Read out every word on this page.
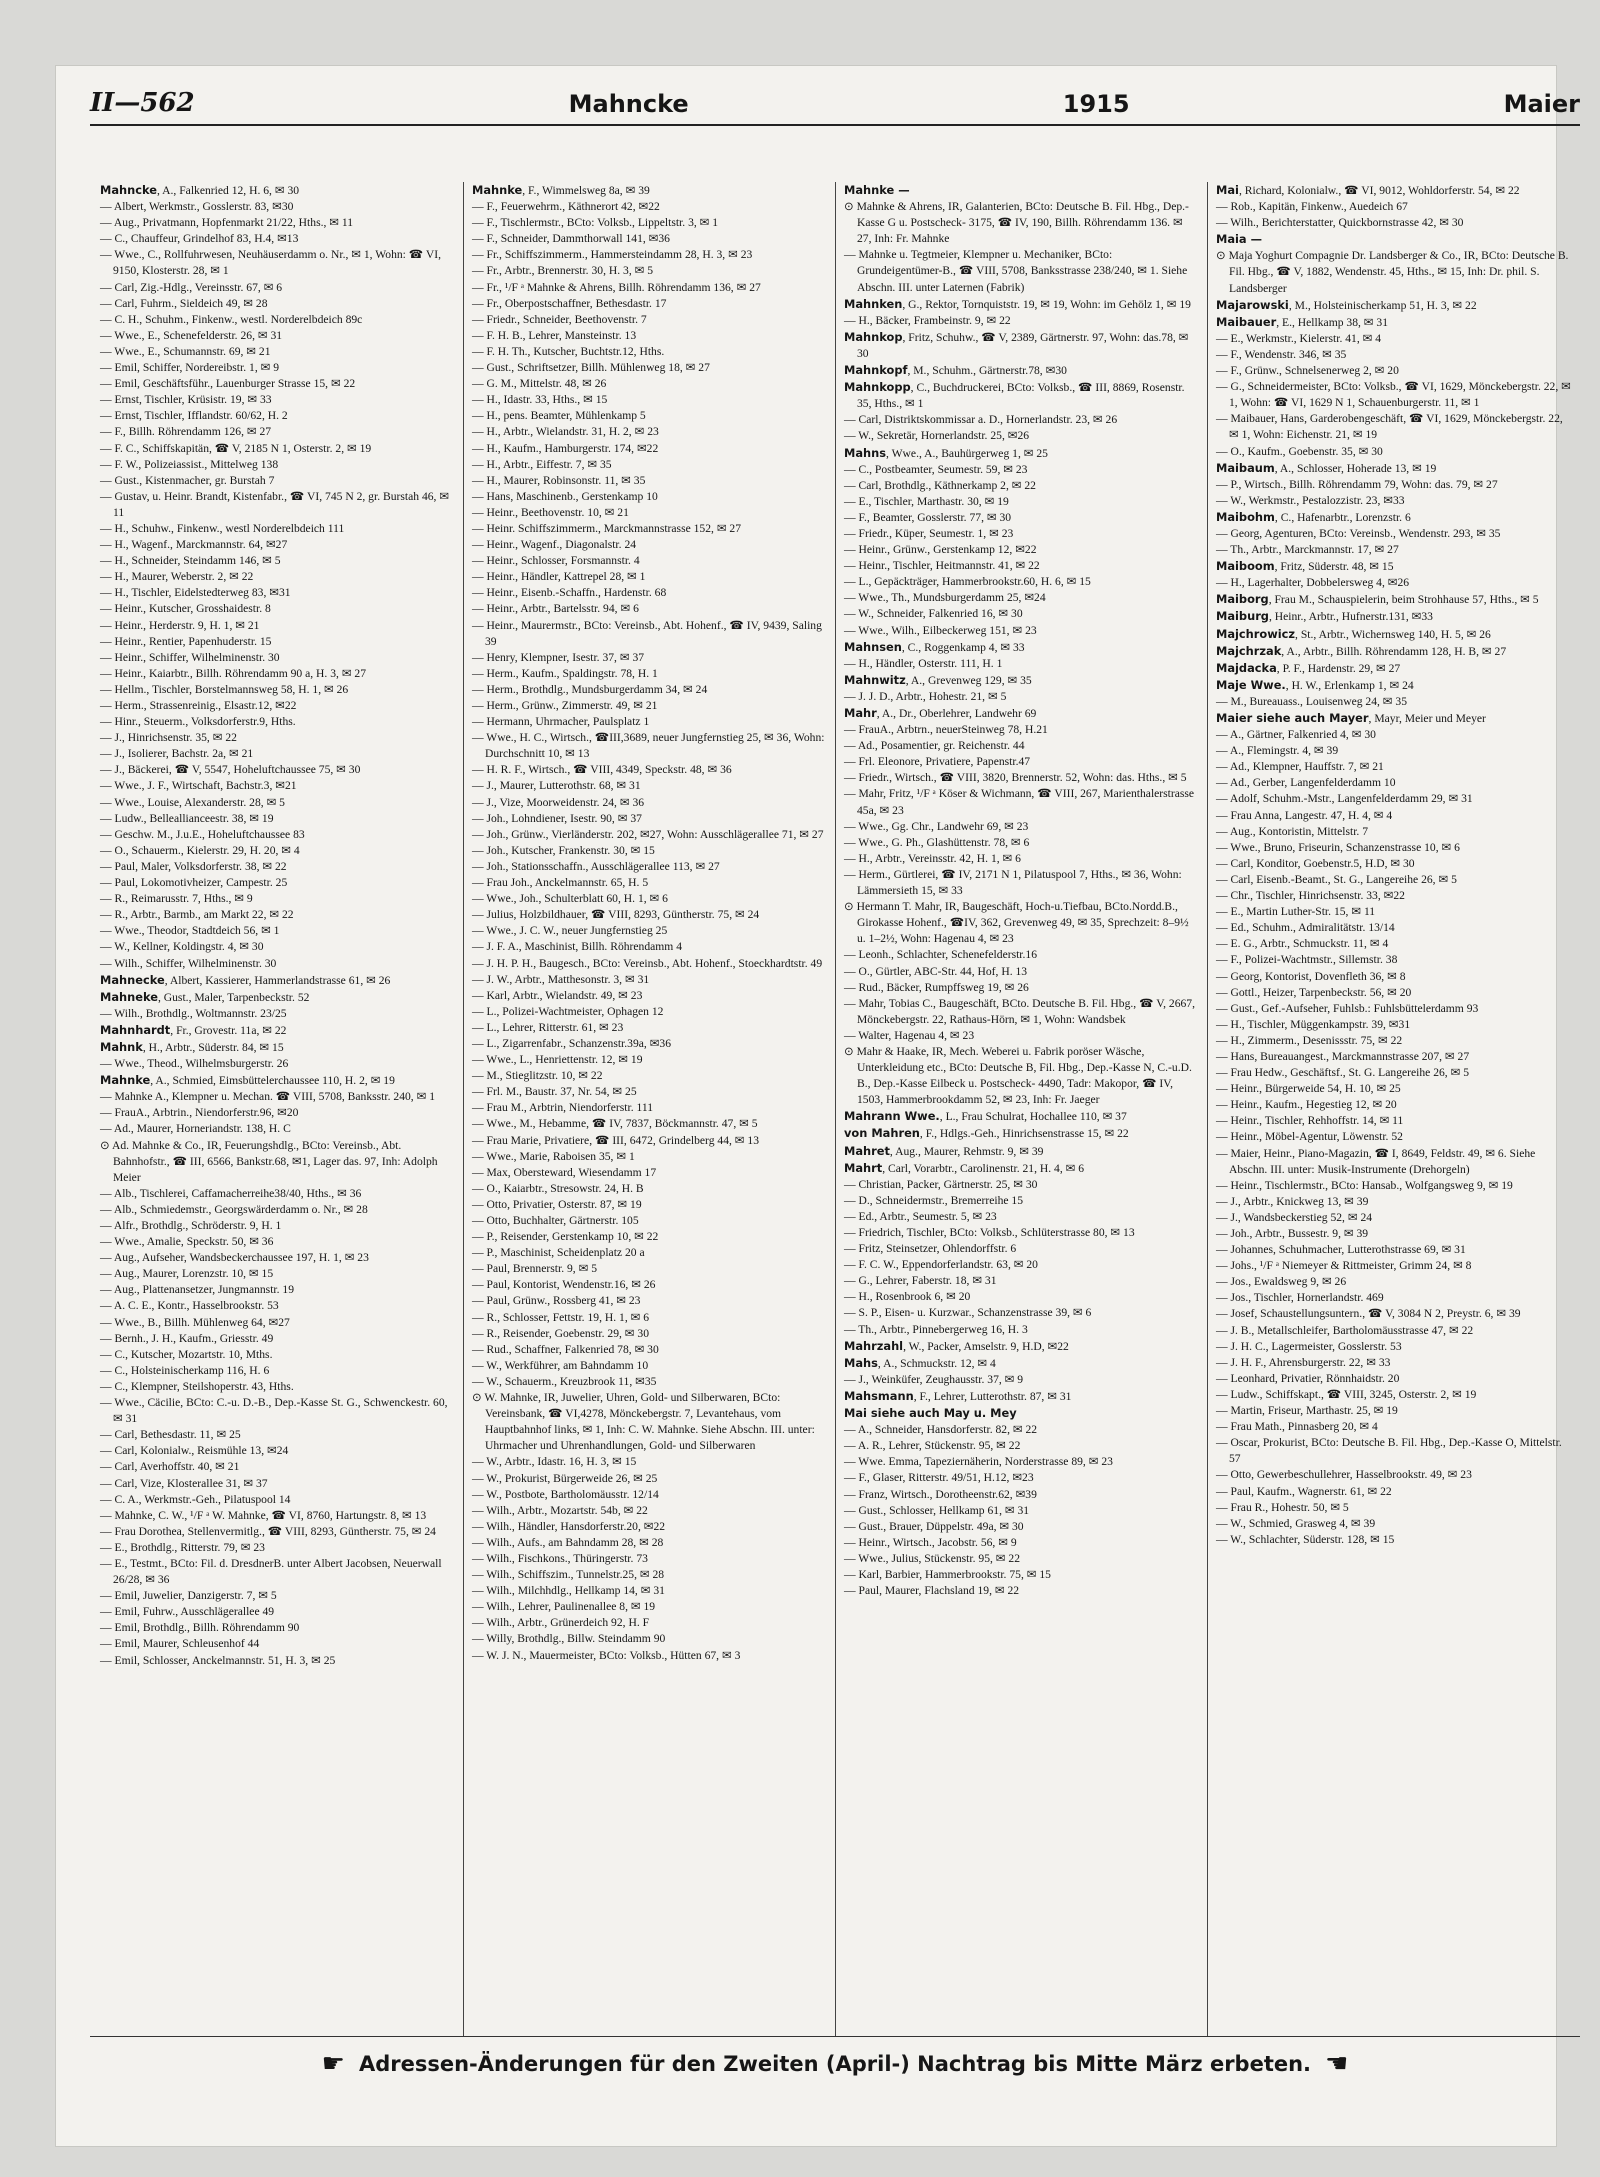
II—562	Mahncke	1915	Maier

Mahncke, A., Falkenried 12, H. 6, ✉ 30

— Albert, Werkmstr., Gosslerstr. 83, ✉30

— Aug., Privatmann, Hopfenmarkt 21/22, Hths., ✉ 11

— C., Chauffeur, Grindelhof 83, H.4, ✉13

— Wwe., C., Rollfuhrwesen, Neuhäuserdamm o. Nr., ✉ 1, Wohn: ☎ VI, 9150, Klosterstr. 28, ✉ 1

— Carl, Zig.-Hdlg., Vereinsstr. 67, ✉ 6

— Carl, Fuhrm., Sieldeich 49, ✉ 28

— C. H., Schuhm., Finkenw., westl. Norderelbdeich 89c

— Wwe., E., Schenefelderstr. 26, ✉ 31

— Wwe., E., Schumannstr. 69, ✉ 21

— Emil, Schiffer, Nordereibstr. 1, ✉ 9

— Emil, Geschäftsführ., Lauenburger Strasse 15, ✉ 22

— Ernst, Tischler, Krüsistr. 19, ✉ 33

— Ernst, Tischler, Ifflandstr. 60/62, H. 2

— F., Billh. Röhrendamm 126, ✉ 27

— F. C., Schiffskapitän, ☎ V, 2185 N 1, Osterstr. 2, ✉ 19

— F. W., Polizeiassist., Mittelweg 138

— Gust., Kistenmacher, gr. Burstah 7

— Gustav, u. Heinr. Brandt, Kistenfabr., ☎ VI, 745 N 2, gr. Burstah 46, ✉11

— H., Schuhw., Finkenw., westl Norderelbdeich 111

— H., Wagenf., Marckmannstr. 64, ✉27

— H., Schneider, Steindamm 146, ✉ 5

— H., Maurer, Weberstr. 2, ✉ 22

— H., Tischler, Eidelstedterweg 83, ✉31

— Heinr., Kutscher, Grosshaidestr. 8

— Heinr., Herderstr. 9, H. 1, ✉ 21

— Heinr., Rentier, Papenhuderstr. 15

— Heinr., Schiffer, Wilhelminenstr. 30

— Heinr., Kaiarbtr., Billh. Röhrendamm 90 a, H. 3, ✉ 27

— Hellm., Tischler, Borstelmannsweg 58, H. 1, ✉ 26

— Herm., Strassenreinig., Elsastr.12, ✉22

— Hinr., Steuerm., Volksdorferstr.9, Hths.

— J., Hinrichsenstr. 35, ✉ 22

— J., Isolierer, Bachstr. 2a, ✉ 21

— J., Bäckerei, ☎ V, 5547, Hoheluftchaussee 75, ✉ 30

— Wwe., J. F., Wirtschaft, Bachstr.3, ✉21

— Wwe., Louise, Alexanderstr. 28, ✉ 5

— Ludw., Belleallianceestr. 38, ✉ 19

— Geschw. M., J.u.E., Hoheluftchaussee 83

— O., Schauerm., Kielerstr. 29, H. 20, ✉ 4

— Paul, Maler, Volksdorferstr. 38, ✉ 22

— Paul, Lokomotivheizer, Campestr. 25

— R., Reimarusstr. 7, Hths., ✉ 9

— R., Arbtr., Barmb., am Markt 22, ✉ 22

— Wwe., Theodor, Stadtdeich 56, ✉ 1

— W., Kellner, Koldingstr. 4, ✉ 30

— Wilh., Schiffer, Wilhelminenstr. 30

Mahnecke, Albert, Kassierer, Hammerlandstrasse 61, ✉ 26

Mahneke, Gust., Maler, Tarpenbeckstr. 52

— Wilh., Brothdlg., Woltmannstr. 23/25

Mahnhardt, Fr., Grovestr. 11a, ✉ 22

Mahnk, H., Arbtr., Süderstr. 84, ✉ 15

— Wwe., Theod., Wilhelmsburgerstr. 26

Mahnke, A., Schmied, Eimsbüttelerchaussee 110, H. 2, ✉ 19

— Mahnke A., Klempner u. Mechan. ☎ VIII, 5708, Banksstr. 240, ✉ 1

— FrauA., Arbtrin., Niendorferstr.96, ✉20

— Ad., Maurer, Horneriandstr. 138, H. C

⊙ Ad. Mahnke & Co., IR, Feuerungshdlg., BCto: Vereinsb., Abt. Bahnhofstr., ☎ III, 6566, Bankstr.68, ✉1, Lager das. 97, Inh: Adolph Meier

— Alb., Tischlerei, Caffamacherreihe38/40, Hths., ✉ 36

— Alb., Schmiedemstr., Georgswärderdamm o. Nr., ✉ 28

— Alfr., Brothdlg., Schröderstr. 9, H. 1

— Wwe., Amalie, Speckstr. 50, ✉ 36

— Aug., Aufseher, Wandsbeckerchaussee 197, H. 1, ✉ 23

— Aug., Maurer, Lorenzstr. 10, ✉ 15

— Aug., Plattenansetzer, Jungmannstr. 19

— A. C. E., Kontr., Hasselbrookstr. 53

— Wwe., B., Billh. Mühlenweg 64, ✉27

— Bernh., J. H., Kaufm., Griesstr. 49

— C., Kutscher, Mozartstr. 10, Mths.

— C., Holsteinischerkamp 116, H. 6

— C., Klempner, Steilshoperstr. 43, Hths.

— Wwe., Cäcilie, BCto: C.-u. D.-B., Dep.-Kasse St. G., Schwenckestr. 60, ✉ 31

— Carl, Bethesdastr. 11, ✉ 25

— Carl, Kolonialw., Reismühle 13, ✉24

— Carl, Averhoffstr. 40, ✉ 21

— Carl, Vize, Klosterallee 31, ✉ 37

— C. A., Werkmstr.-Geh., Pilatuspool 14

— Mahnke, C. W., ¹/F ᵃ W. Mahnke, ☎ VI, 8760, Hartungstr. 8, ✉ 13

— Frau Dorothea, Stellenvermitlg., ☎ VIII, 8293, Güntherstr. 75, ✉ 24

— E., Brothdlg., Ritterstr. 79, ✉ 23

— E., Testmt., BCto: Fil. d. DresdnerB. unter Albert Jacobsen, Neuerwall 26/28, ✉ 36

— Emil, Juwelier, Danzigerstr. 7, ✉ 5

— Emil, Fuhrw., Ausschlägerallee 49

— Emil, Brothdlg., Billh. Röhrendamm 90

— Emil, Maurer, Schleusenhof 44

— Emil, Schlosser, Anckelmannstr. 51, H. 3, ✉ 25

Mahnke, F., Wimmelsweg 8a, ✉ 39

— F., Feuerwehrm., Käthnerort 42, ✉22

— F., Tischlermstr., BCto: Volksb., Lippeltstr. 3, ✉ 1

— F., Schneider, Dammthorwall 141, ✉36

— Fr., Schiffszimmerm., Hammersteindamm 28, H. 3, ✉ 23

— Fr., Arbtr., Brennerstr. 30, H. 3, ✉ 5

— Fr., ¹/F ᵃ Mahnke & Ahrens, Billh. Röhrendamm 136, ✉ 27

— Fr., Oberpostschaffner, Bethesdastr. 17

— Friedr., Schneider, Beethovenstr. 7

— F. H. B., Lehrer, Mansteinstr. 13

— F. H. Th., Kutscher, Buchtstr.12, Hths.

— Gust., Schriftsetzer, Billh. Mühlenweg 18, ✉ 27

— G. M., Mittelstr. 48, ✉ 26

— H., Idastr. 33, Hths., ✉ 15

— H., pens. Beamter, Mühlenkamp 5

— H., Arbtr., Wielandstr. 31, H. 2, ✉ 23

— H., Kaufm., Hamburgerstr. 174, ✉22

— H., Arbtr., Eiffestr. 7, ✉ 35

— H., Maurer, Robinsonstr. 11, ✉ 35

— Hans, Maschinenb., Gerstenkamp 10

— Heinr., Beethovenstr. 10, ✉ 21

— Heinr. Schiffszimmerm., Marckmannstrasse 152, ✉ 27

— Heinr., Wagenf., Diagonalstr. 24

— Heinr., Schlosser, Forsmannstr. 4

— Heinr., Händler, Kattrepel 28, ✉ 1

— Heinr., Eisenb.-Schaffn., Hardenstr. 68

— Heinr., Arbtr., Bartelsstr. 94, ✉ 6

— Heinr., Maurermstr., BCto: Vereinsb., Abt. Hohenf., ☎ IV, 9439, Saling 39

— Henry, Klempner, Isestr. 37, ✉ 37

— Herm., Kaufm., Spaldingstr. 78, H. 1

— Herm., Brothdlg., Mundsburgerdamm 34, ✉ 24

— Herm., Grünw., Zimmerstr. 49, ✉ 21

— Hermann, Uhrmacher, Paulsplatz 1

— Wwe., H. C., Wirtsch., ☎III,3689, neuer Jungfernstieg 25, ✉ 36, Wohn: Durchschnitt 10, ✉ 13

— H. R. F., Wirtsch., ☎ VIII, 4349, Speckstr. 48, ✉ 36

— J., Maurer, Lutterothstr. 68, ✉ 31

— J., Vize, Moorweidenstr. 24, ✉ 36

— Joh., Lohndiener, Isestr. 90, ✉ 37

— Joh., Grünw., Vierländerstr. 202, ✉27, Wohn: Ausschlägerallee 71, ✉ 27

— Joh., Kutscher, Frankenstr. 30, ✉ 15

— Joh., Stationsschaffn., Ausschlägerallee 113, ✉ 27

— Frau Joh., Anckelmannstr. 65, H. 5

— Wwe., Joh., Schulterblatt 60, H. 1, ✉ 6

— Julius, Holzbildhauer, ☎ VIII, 8293, Güntherstr. 75, ✉ 24

— Wwe., J. C. W., neuer Jungfernstieg 25

— J. F. A., Maschinist, Billh. Röhrendamm 4

— J. H. P. H., Baugesch., BCto: Vereinsb., Abt. Hohenf., Stoeckhardtstr. 49

— J. W., Arbtr., Matthesonstr. 3, ✉ 31

— Karl, Arbtr., Wielandstr. 49, ✉ 23

— L., Polizei-Wachtmeister, Ophagen 12

— L., Lehrer, Ritterstr. 61, ✉ 23

— L., Zigarrenfabr., Schanzenstr.39a, ✉36

— Wwe., L., Henriettenstr. 12, ✉ 19

— M., Stieglitzstr. 10, ✉ 22

— Frl. M., Baustr. 37, Nr. 54, ✉ 25

— Frau M., Arbtrin, Niendorferstr. 111

— Wwe., M., Hebamme, ☎ IV, 7837, Böckmannstr. 47, ✉ 5

— Frau Marie, Privatiere, ☎ III, 6472, Grindelberg 44, ✉ 13

— Wwe., Marie, Raboisen 35, ✉ 1

— Max, Obersteward, Wiesendamm 17

— O., Kaiarbtr., Stresowstr. 24, H. B

— Otto, Privatier, Osterstr. 87, ✉ 19

— Otto, Buchhalter, Gärtnerstr. 105

— P., Reisender, Gerstenkamp 10, ✉ 22

— P., Maschinist, Scheidenplatz 20 a

— Paul, Brennerstr. 9, ✉ 5

— Paul, Kontorist, Wendenstr.16, ✉ 26

— Paul, Grünw., Rossberg 41, ✉ 23

— R., Schlosser, Fettstr. 19, H. 1, ✉ 6

— R., Reisender, Goebenstr. 29, ✉ 30

— Rud., Schaffner, Falkenried 78, ✉ 30

— W., Werkführer, am Bahndamm 10

— W., Schauerm., Kreuzbrook 11, ✉35

⊙ W. Mahnke, IR, Juwelier, Uhren, Gold- und Silberwaren, BCto: Vereinsbank, ☎ VI,4278, Mönckebergstr. 7, Levantehaus, vom Hauptbahnhof links, ✉ 1, Inh: C. W. Mahnke. Siehe Abschn. III. unter: Uhrmacher und Uhrenhandlungen, Gold- und Silberwaren

— W., Arbtr., Idastr. 16, H. 3, ✉ 15

— W., Prokurist, Bürgerweide 26, ✉ 25

— W., Postbote, Bartholomäusstr. 12/14

— Wilh., Arbtr., Mozartstr. 54b, ✉ 22

— Wilh., Händler, Hansdorferstr.20, ✉22

— Wilh., Aufs., am Bahndamm 28, ✉ 28

— Wilh., Fischkons., Thüringerstr. 73

— Wilh., Schiffszim., Tunnelstr.25, ✉ 28

— Wilh., Milchhdlg., Hellkamp 14, ✉ 31

— Wilh., Lehrer, Paulinenallee 8, ✉ 19

— Wilh., Arbtr., Grünerdeich 92, H. F

— Willy, Brothdlg., Billw. Steindamm 90

— W. J. N., Mauermeister, BCto: Volksb., Hütten 67, ✉ 3

Mahnke —

⊙ Mahnke & Ahrens, IR, Galanterien, BCto: Deutsche B. Fil. Hbg., Dep.-Kasse G u. Postscheck- 3175, ☎ IV, 190, Billh. Röhrendamm 136. ✉ 27, Inh: Fr. Mahnke

— Mahnke u. Tegtmeier, Klempner u. Mechaniker, BCto: Grundeigentümer-B., ☎ VIII, 5708, Banksstrasse 238/240, ✉ 1. Siehe Abschn. III. unter Laternen (Fabrik)

Mahnken, G., Rektor, Tornquiststr. 19, ✉ 19, Wohn: im Gehölz 1, ✉ 19

— H., Bäcker, Frambeinstr. 9, ✉ 22

Mahnkop, Fritz, Schuhw., ☎ V, 2389, Gärtnerstr. 97, Wohn: das.78, ✉ 30

Mahnkopf, M., Schuhm., Gärtnerstr.78, ✉30

Mahnkopp, C., Buchdruckerei, BCto: Volksb., ☎ III, 8869, Rosenstr. 35, Hths., ✉ 1

— Carl, Distriktskommissar a. D., Hornerlandstr. 23, ✉ 26

— W., Sekretär, Hornerlandstr. 25, ✉26

Mahns, Wwe., A., Bauhürgerweg 1, ✉ 25

— C., Postbeamter, Seumestr. 59, ✉ 23

— Carl, Brothdlg., Käthnerkamp 2, ✉ 22

— E., Tischler, Marthastr. 30, ✉ 19

— F., Beamter, Gosslerstr. 77, ✉ 30

— Friedr., Küper, Seumestr. 1, ✉ 23

— Heinr., Grünw., Gerstenkamp 12, ✉22

— Heinr., Tischler, Heitmannstr. 41, ✉ 22

— L., Gepäckträger, Hammerbrookstr.60, H. 6, ✉ 15

— Wwe., Th., Mundsburgerdamm 25, ✉24

— W., Schneider, Falkenried 16, ✉ 30

— Wwe., Wilh., Eilbeckerweg 151, ✉ 23

Mahnsen, C., Roggenkamp 4, ✉ 33

— H., Händler, Osterstr. 111, H. 1

Mahnwitz, A., Grevenweg 129, ✉ 35

— J. J. D., Arbtr., Hohestr. 21, ✉ 5

Mahr, A., Dr., Oberlehrer, Landwehr 69

— FrauA., Arbtrn., neuerSteinweg 78, H.21

— Ad., Posamentier, gr. Reichenstr. 44

— Frl. Eleonore, Privatiere, Papenstr.47

— Friedr., Wirtsch., ☎ VIII, 3820, Brennerstr. 52, Wohn: das. Hths., ✉ 5

— Mahr, Fritz, ¹/F ᵃ Köser & Wichmann, ☎ VIII, 267, Marienthalerstrasse 45a, ✉ 23

— Wwe., Gg. Chr., Landwehr 69, ✉ 23

— Wwe., G. Ph., Glashüttenstr. 78, ✉ 6

— H., Arbtr., Vereinsstr. 42, H. 1, ✉ 6

— Herm., Gürtlerei, ☎ IV, 2171 N 1, Pilatuspool 7, Hths., ✉ 36, Wohn: Lämmersieth 15, ✉ 33

⊙ Hermann T. Mahr, IR, Baugeschäft, Hoch-u.Tiefbau, BCto.Nordd.B., Girokasse Hohenf., ☎IV, 362, Grevenweg 49, ✉ 35, Sprechzeit: 8–9½ u. 1–2½, Wohn: Hagenau 4, ✉ 23

— Leonh., Schlachter, Schenefelderstr.16

— O., Gürtler, ABC-Str. 44, Hof, H. 13

— Rud., Bäcker, Rumpffsweg 19, ✉ 26

— Mahr, Tobias C., Baugeschäft, BCto. Deutsche B. Fil. Hbg., ☎ V, 2667, Mönckebergstr. 22, Rathaus-Hörn, ✉ 1, Wohn: Wandsbek

— Walter, Hagenau 4, ✉ 23

⊙ Mahr & Haake, IR, Mech. Weberei u. Fabrik poröser Wäsche, Unterkleidung etc., BCto: Deutsche B, Fil. Hbg., Dep.-Kasse N, C.-u.D. B., Dep.-Kasse Eilbeck u. Postscheck- 4490, Tadr: Makopor, ☎ IV, 1503, Hammerbrookdamm 52, ✉ 23, Inh: Fr. Jaeger

Mahrann Wwe., L., Frau Schulrat, Hochallee 110, ✉ 37

von Mahren, F., Hdlgs.-Geh., Hinrichsenstrasse 15, ✉ 22

Mahret, Aug., Maurer, Rehmstr. 9, ✉ 39

Mahrt, Carl, Vorarbtr., Carolinenstr. 21, H. 4, ✉ 6

— Christian, Packer, Gärtnerstr. 25, ✉ 30

— D., Schneidermstr., Bremerreihe 15

— Ed., Arbtr., Seumestr. 5, ✉ 23

— Friedrich, Tischler, BCto: Volksb., Schlüterstrasse 80, ✉ 13

— Fritz, Steinsetzer, Ohlendorffstr. 6

— F. C. W., Eppendorferlandstr. 63, ✉ 20

— G., Lehrer, Faberstr. 18, ✉ 31

— H., Rosenbrook 6, ✉ 20

— S. P., Eisen- u. Kurzwar., Schanzenstrasse 39, ✉ 6

— Th., Arbtr., Pinnebergerweg 16, H. 3

Mahrzahl, W., Packer, Amselstr. 9, H.D, ✉22

Mahs, A., Schmuckstr. 12, ✉ 4

— J., Weinküfer, Zeughausstr. 37, ✉ 9

Mahsmann, F., Lehrer, Lutterothstr. 87, ✉ 31

Mai siehe auch May u. Mey

— A., Schneider, Hansdorferstr. 82, ✉ 22

— A. R., Lehrer, Stückenstr. 95, ✉ 22

— Wwe. Emma, Tapeziernäherin, Norderstrasse 89, ✉ 23

— F., Glaser, Ritterstr. 49/51, H.12, ✉23

— Franz, Wirtsch., Dorotheenstr.62, ✉39

— Gust., Schlosser, Hellkamp 61, ✉ 31

— Gust., Brauer, Düppelstr. 49a, ✉ 30

— Heinr., Wirtsch., Jacobstr. 56, ✉ 9

— Wwe., Julius, Stückenstr. 95, ✉ 22

— Karl, Barbier, Hammerbrookstr. 75, ✉ 15

— Paul, Maurer, Flachsland 19, ✉ 22

Mai, Richard, Kolonialw., ☎ VI, 9012, Wohldorferstr. 54, ✉ 22

— Rob., Kapitän, Finkenw., Auedeich 67

— Wilh., Berichterstatter, Quickbornstrasse 42, ✉ 30

Maia —

⊙ Maja Yoghurt Compagnie Dr. Landsberger & Co., IR, BCto: Deutsche B. Fil. Hbg., ☎ V, 1882, Wendenstr. 45, Hths., ✉ 15, Inh: Dr. phil. S. Landsberger

Majarowski, M., Holsteinischerkamp 51, H. 3, ✉ 22

Maibauer, E., Hellkamp 38, ✉ 31

— E., Werkmstr., Kielerstr. 41, ✉ 4

— F., Wendenstr. 346, ✉ 35

— F., Grünw., Schnelsenerweg 2, ✉ 20

— G., Schneidermeister, BCto: Volksb., ☎ VI, 1629, Mönckebergstr. 22, ✉ 1, Wohn: ☎ VI, 1629 N 1, Schauenburgerstr. 11, ✉ 1

— Maibauer, Hans, Garderobengeschäft, ☎ VI, 1629, Mönckebergstr. 22, ✉ 1, Wohn: Eichenstr. 21, ✉ 19

— O., Kaufm., Goebenstr. 35, ✉ 30

Maibaum, A., Schlosser, Hoherade 13, ✉ 19

— P., Wirtsch., Billh. Röhrendamm 79, Wohn: das. 79, ✉ 27

— W., Werkmstr., Pestalozzistr. 23, ✉33

Maibohm, C., Hafenarbtr., Lorenzstr. 6

— Georg, Agenturen, BCto: Vereinsb., Wendenstr. 293, ✉ 35

— Th., Arbtr., Marckmannstr. 17, ✉ 27

Maiboom, Fritz, Süderstr. 48, ✉ 15

— H., Lagerhalter, Dobbelersweg 4, ✉26

Maiborg, Frau M., Schauspielerin, beim Strohhause 57, Hths., ✉ 5

Maiburg, Heinr., Arbtr., Hufnerstr.131, ✉33

Majchrowicz, St., Arbtr., Wichernsweg 140, H. 5, ✉ 26

Majchrzak, A., Arbtr., Billh. Röhrendamm 128, H. B, ✉ 27

Majdacka, P. F., Hardenstr. 29, ✉ 27

Maje Wwe., H. W., Erlenkamp 1, ✉ 24

— M., Bureauass., Louisenweg 24, ✉ 35

Maier siehe auch Mayer, Mayr, Meier und Meyer

— A., Gärtner, Falkenried 4, ✉ 30

— A., Flemingstr. 4, ✉ 39

— Ad., Klempner, Hauffstr. 7, ✉ 21

— Ad., Gerber, Langenfelderdamm 10

— Adolf, Schuhm.-Mstr., Langenfelderdamm 29, ✉ 31

— Frau Anna, Langestr. 47, H. 4, ✉ 4

— Aug., Kontoristin, Mittelstr. 7

— Wwe., Bruno, Friseurin, Schanzenstrasse 10, ✉ 6

— Carl, Konditor, Goebenstr.5, H.D, ✉ 30

— Carl, Eisenb.-Beamt., St. G., Langereihe 26, ✉ 5

— Chr., Tischler, Hinrichsenstr. 33, ✉22

— E., Martin Luther-Str. 15, ✉ 11

— Ed., Schuhm., Admiralitätstr. 13/14

— E. G., Arbtr., Schmuckstr. 11, ✉ 4

— F., Polizei-Wachtmstr., Sillemstr. 38

— Georg, Kontorist, Dovenfleth 36, ✉ 8

— Gottl., Heizer, Tarpenbeckstr. 56, ✉ 20

— Gust., Gef.-Aufseher, Fuhlsb.: Fuhlsbüttelerdamm 93

— H., Tischler, Müggenkampstr. 39, ✉31

— H., Zimmerm., Desenissstr. 75, ✉ 22

— Hans, Bureauangest., Marckmannstrasse 207, ✉ 27

— Frau Hedw., Geschäftsf., St. G. Langereihe 26, ✉ 5

— Heinr., Bürgerweide 54, H. 10, ✉ 25

— Heinr., Kaufm., Hegestieg 12, ✉ 20

— Heinr., Tischler, Rehhoffstr. 14, ✉ 11

— Heinr., Möbel-Agentur, Löwenstr. 52

— Maier, Heinr., Piano-Magazin, ☎ I, 8649, Feldstr. 49, ✉ 6. Siehe Abschn. III. unter: Musik-Instrumente (Drehorgeln)

— Heinr., Tischlermstr., BCto: Hansab., Wolfgangsweg 9, ✉ 19

— J., Arbtr., Knickweg 13, ✉ 39

— J., Wandsbeckerstieg 52, ✉ 24

— Joh., Arbtr., Bussestr. 9, ✉ 39

— Johannes, Schuhmacher, Lutterothstrasse 69, ✉ 31

— Johs., ¹/F ᵃ Niemeyer & Rittmeister, Grimm 24, ✉ 8

— Jos., Ewaldsweg 9, ✉ 26

— Jos., Tischler, Hornerlandstr. 469

— Josef, Schaustellungsuntern., ☎ V, 3084 N 2, Preystr. 6, ✉ 39

— J. B., Metallschleifer, Bartholomäusstrasse 47, ✉ 22

— J. H. C., Lagermeister, Gosslerstr. 53

— J. H. F., Ahrensburgerstr. 22, ✉ 33

— Leonhard, Privatier, Rönnhaidstr. 20

— Ludw., Schiffskapt., ☎ VIII, 3245, Osterstr. 2, ✉ 19

— Martin, Friseur, Marthastr. 25, ✉ 19

— Frau Math., Pinnasberg 20, ✉ 4

— Oscar, Prokurist, BCto: Deutsche B. Fil. Hbg., Dep.-Kasse O, Mittelstr. 57

— Otto, Gewerbeschullehrer, Hasselbrookstr. 49, ✉ 23

— Paul, Kaufm., Wagnerstr. 61, ✉ 22

— Frau R., Hohestr. 50, ✉ 5

— W., Schmied, Grasweg 4, ✉ 39

— W., Schlachter, Süderstr. 128, ✉ 15

☛ Adressen-Änderungen für den Zweiten (April-) Nachtrag bis Mitte März erbeten. ☚
